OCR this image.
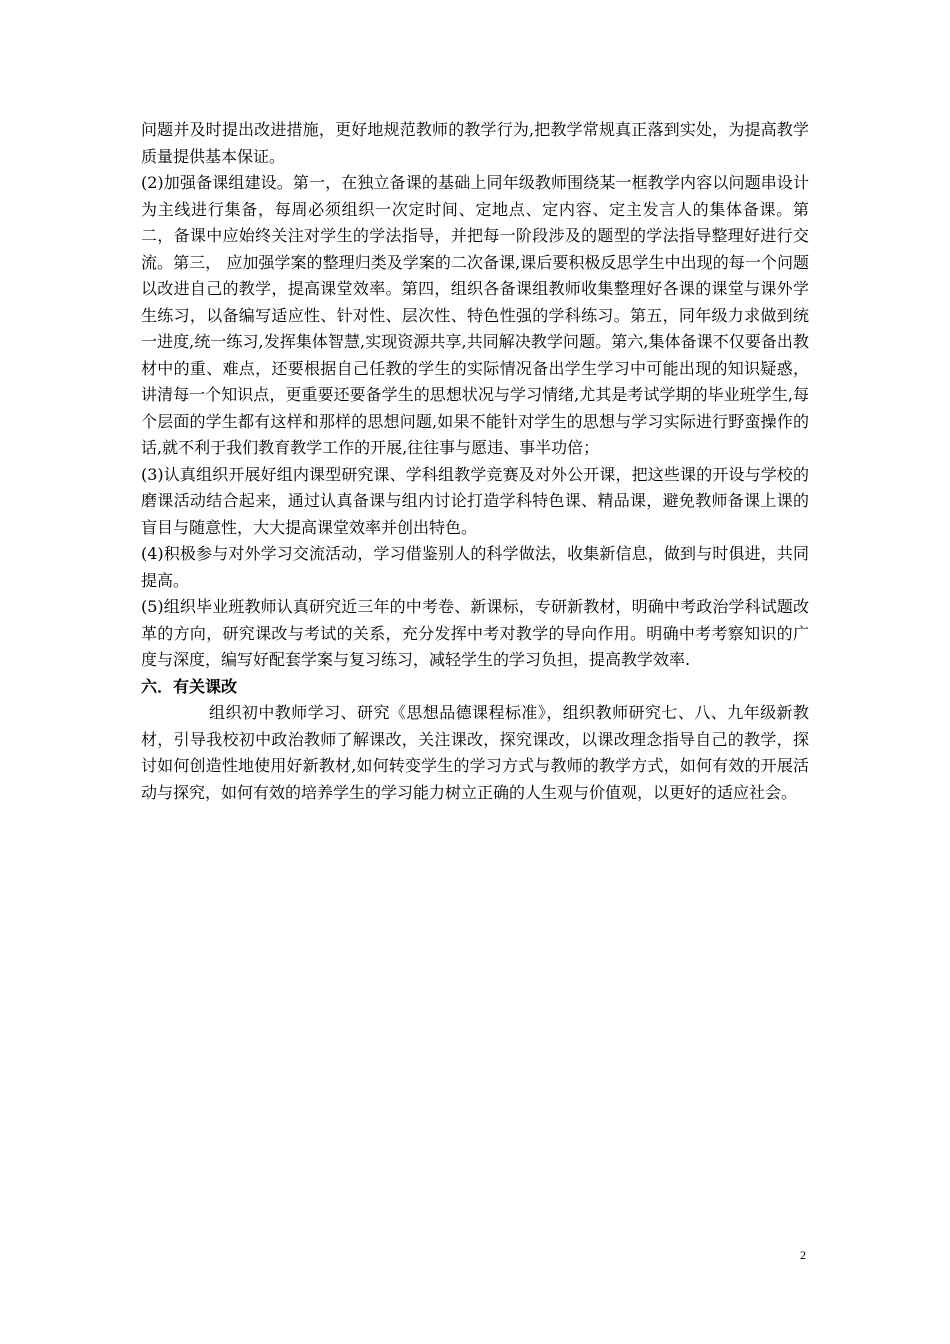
问题并及时提出改进措施，更好地规范教师的教学行为,把教学常规真正落到实处，为提高教学质量提供基本保证。

(2)加强备课组建设。第一，在独立备课的基础上同年级教师围绕某一框教学内容以问题串设计为主线进行集备，每周必须组织一次定时间、定地点、定内容、定主发言人的集体备课。第二，备课中应始终关注对学生的学法指导，并把每一阶段涉及的题型的学法指导整理好进行交流。第三， 应加强学案的整理归类及学案的二次备课,课后要积极反思学生中出现的每一个问题以改进自己的教学，提高课堂效率。第四，组织各备课组教师收集整理好各课的课堂与课外学生练习，以备编写适应性、针对性、层次性、特色性强的学科练习。第五，同年级力求做到统一进度,统一练习,发挥集体智慧,实现资源共享,共同解决教学问题。第六,集体备课不仅要备出教材中的重、难点，还要根据自己任教的学生的实际情况备出学生学习中可能出现的知识疑惑，讲清每一个知识点，更重要还要备学生的思想状况与学习情绪,尤其是考试学期的毕业班学生,每个层面的学生都有这样和那样的思想问题,如果不能针对学生的思想与学习实际进行野蛮操作的话,就不利于我们教育教学工作的开展,往往事与愿违、事半功倍；

(3)认真组织开展好组内课型研究课、学科组教学竞赛及对外公开课，把这些课的开设与学校的磨课活动结合起来，通过认真备课与组内讨论打造学科特色课、精品课，避免教师备课上课的盲目与随意性，大大提高课堂效率并创出特色。

(4)积极参与对外学习交流活动，学习借鉴别人的科学做法，收集新信息，做到与时俱进，共同提高。

(5)组织毕业班教师认真研究近三年的中考卷、新课标，专研新教材，明确中考政治学科试题改革的方向，研究课改与考试的关系，充分发挥中考对教学的导向作用。明确中考考察知识的广度与深度，编写好配套学案与复习练习，减轻学生的学习负担，提高教学效率.

六．有关课改

组织初中教师学习、研究《思想品德课程标准》，组织教师研究七、八、九年级新教材，引导我校初中政治教师了解课改，关注课改，探究课改，以课改理念指导自己的教学，探讨如何创造性地使用好新教材,如何转变学生的学习方式与教师的教学方式，如何有效的开展活动与探究，如何有效的培养学生的学习能力树立正确的人生观与价值观，以更好的适应社会。

2
